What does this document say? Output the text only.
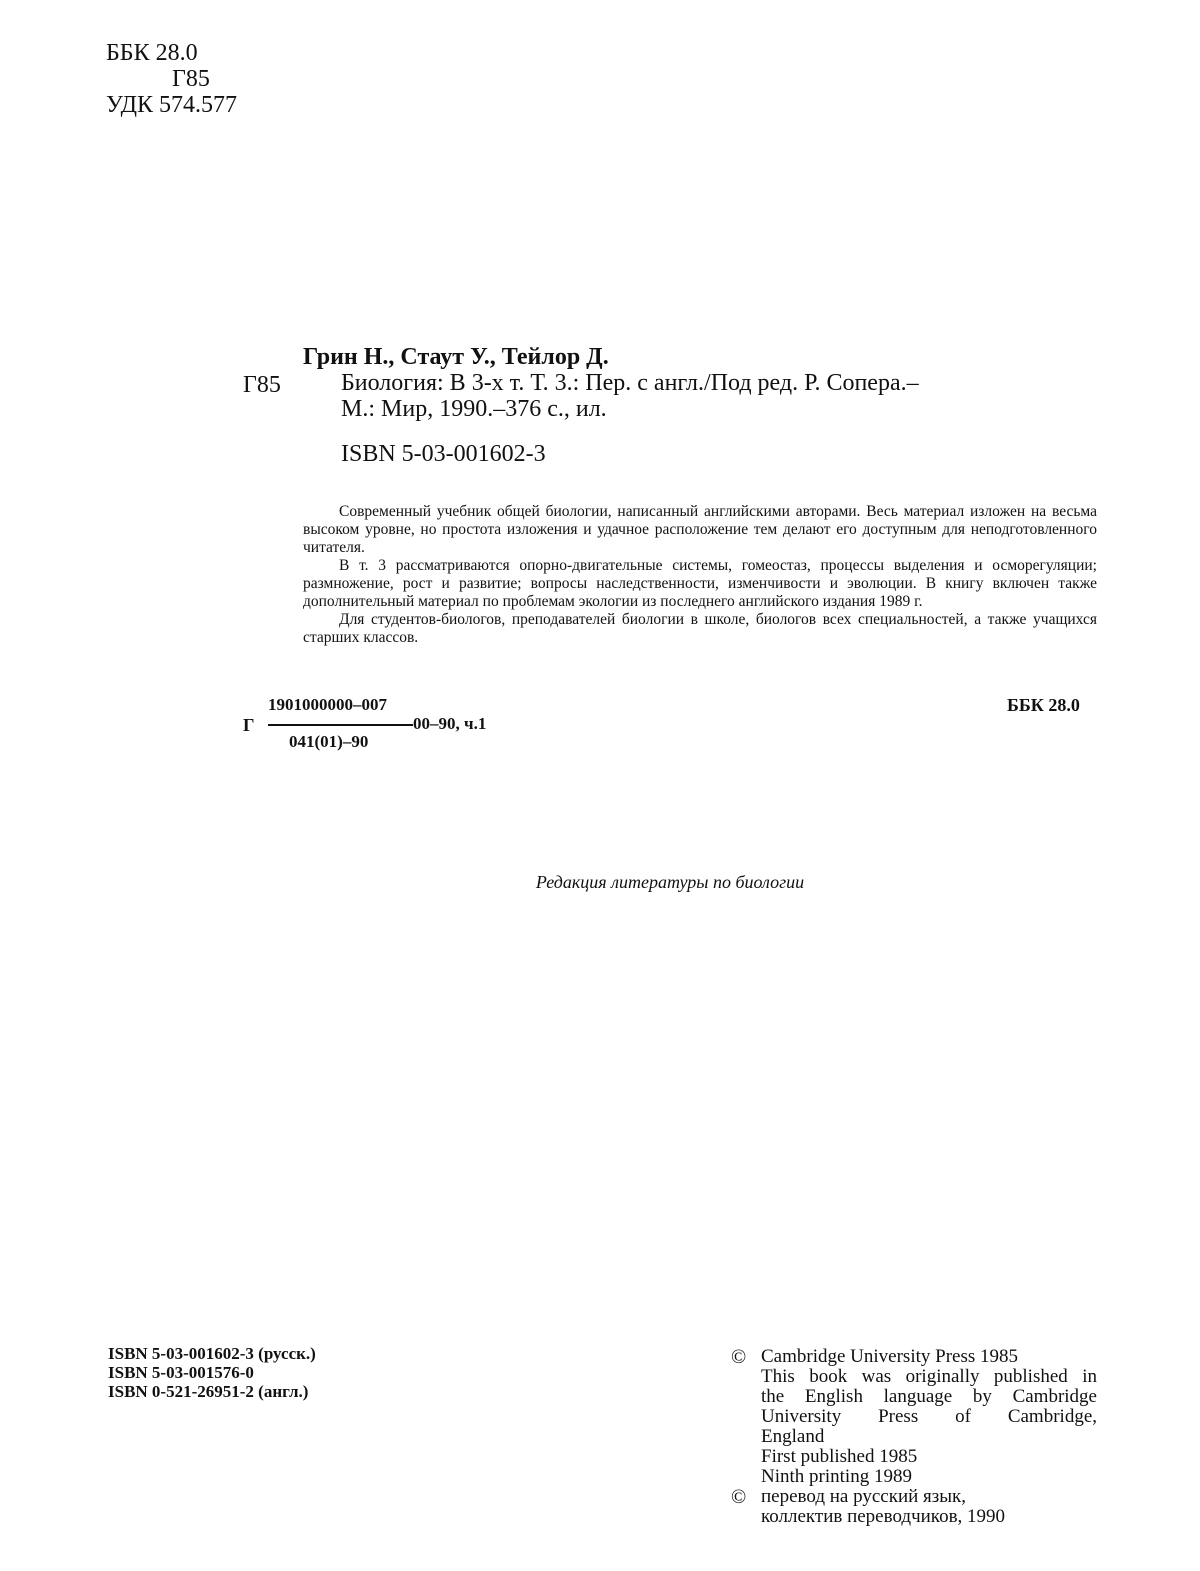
ББК 28.0
Г85
УДК 574.577
Грин Н., Стаут У., Тейлор Д.
Г85	Биология: В 3-х т. Т. 3.: Пер. с англ./Под ред. Р. Сопера.–
М.: Мир, 1990.–376 с., ил.
ISBN 5-03-001602-3

Современный учебник общей биологии, написанный английскими авторами. Весь материал изложен на весьма высоком уровне, но простота изложения и удачное расположение тем делают его доступным для неподготовленного читателя.

В т. 3 рассматриваются опорно-двигательные системы, гомеостаз, процессы выделения и осморегуляции; размножение, рост и развитие; вопросы наследственности, изменчивости и эволюции. В книгу включен также дополнительный материал по проблемам экологии из последнего английского издания 1989 г.

Для студентов-биологов, преподавателей биологии в школе, биологов всех специальностей, а также учащихся старших классов.

Г
1901000000–007
00–90, ч.1
041(01)–90
ББК 28.0
Редакция литературы по биологии
ISBN 5-03-001602-3 (русск.)
ISBN 5-03-001576-0
ISBN 0-521-26951-2 (англ.)
© Cambridge University Press 1985
This book was originally published in
the English language by Cambridge
University Press of Cambridge,
England
First published 1985
Ninth printing 1989
© перевод на русский язык,
коллектив переводчиков, 1990
